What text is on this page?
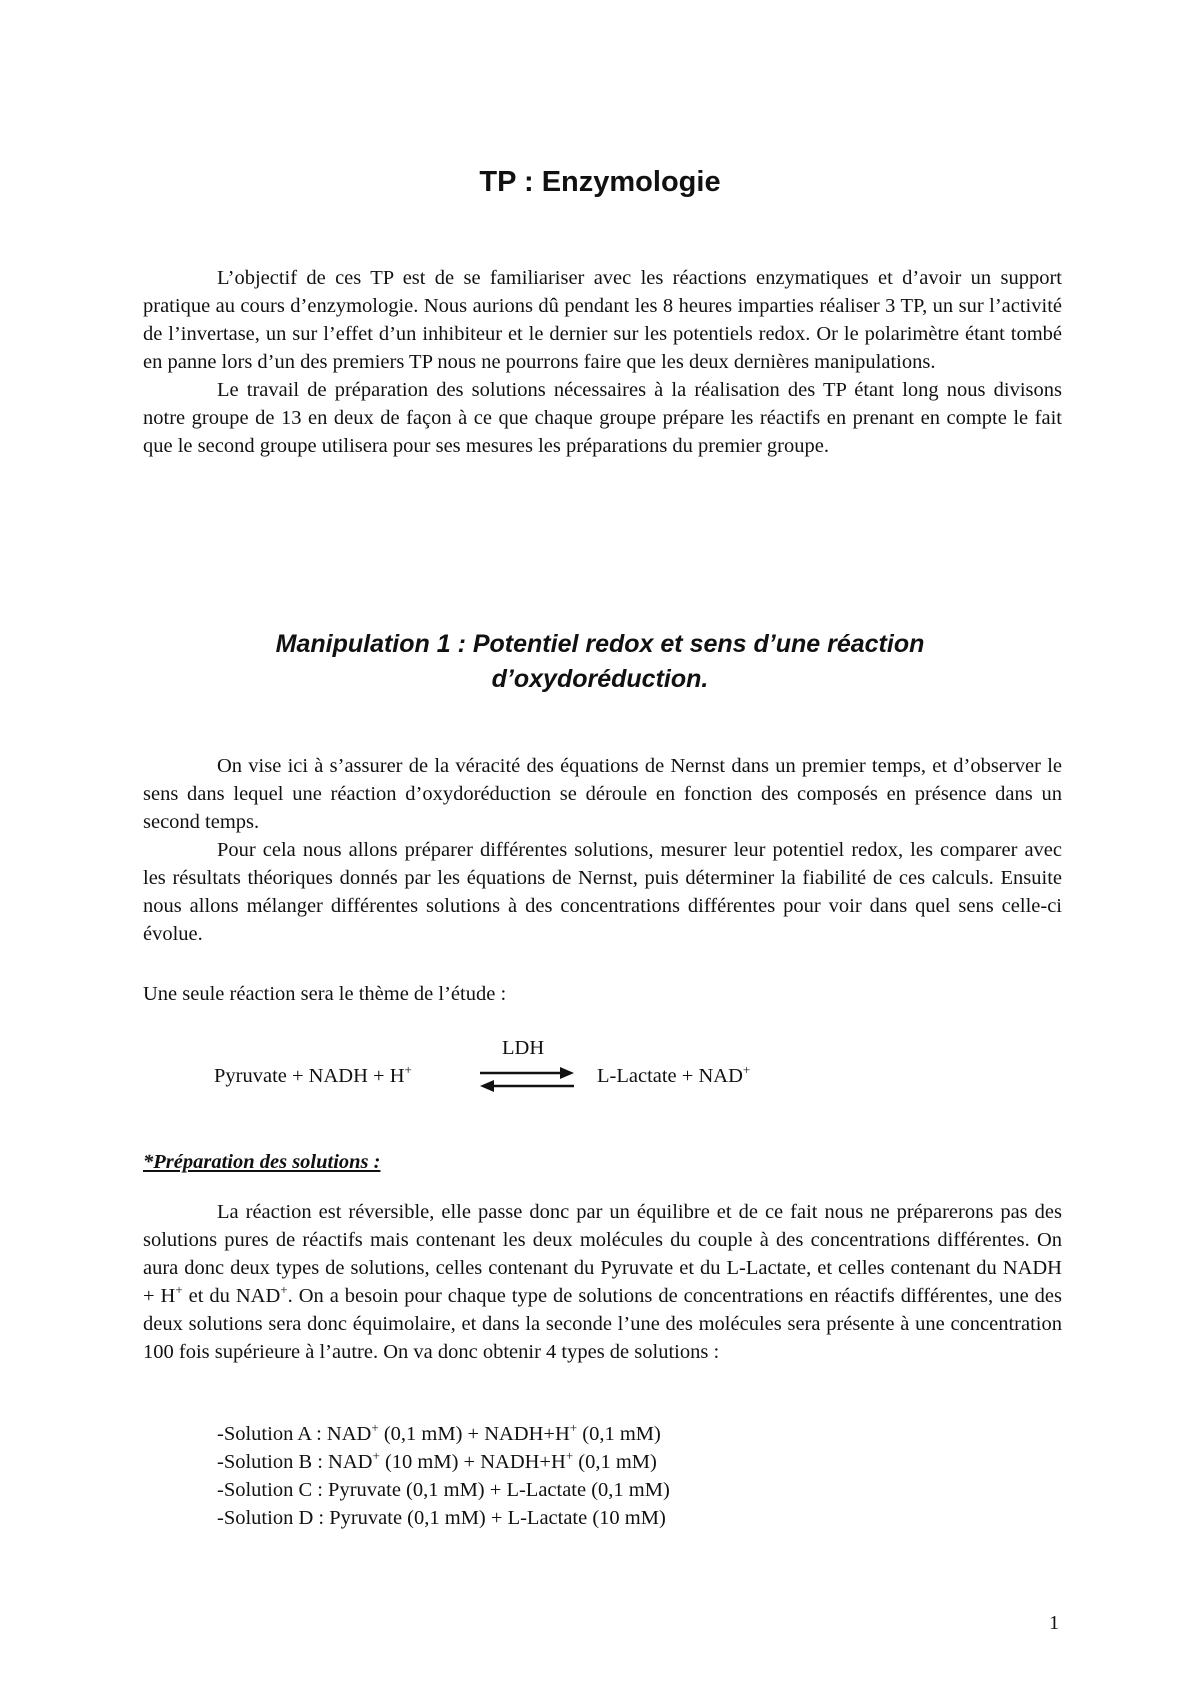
TP : Enzymologie

L’objectif de ces TP est de se familiariser avec les réactions enzymatiques et d’avoir un support pratique au cours d’enzymologie. Nous aurions dû pendant les 8 heures imparties réaliser 3 TP, un sur l’activité de l’invertase, un sur l’effet d’un inhibiteur et le dernier sur les potentiels redox. Or le polarimètre étant tombé en panne lors d’un des premiers TP nous ne pourrons faire que les deux dernières manipulations.

Le travail de préparation des solutions nécessaires à la réalisation des TP étant long nous divisons notre groupe de 13 en deux de façon à ce que chaque groupe prépare les réactifs en prenant en compte le fait que le second groupe utilisera pour ses mesures les préparations du premier groupe.

Manipulation 1 : Potentiel redox et sens d’une réaction
d’oxydoréduction.

On vise ici à s’assurer de la véracité des équations de Nernst dans un premier temps, et d’observer le sens dans lequel une réaction d’oxydoréduction se déroule en fonction des composés en présence dans un second temps.

Pour cela nous allons préparer différentes solutions, mesurer leur potentiel redox, les comparer avec les résultats théoriques donnés par les équations de Nernst, puis déterminer la fiabilité de ces calculs. Ensuite nous allons mélanger différentes solutions à des concentrations différentes pour voir dans quel sens celle-ci évolue.

Une seule réaction sera le thème de l’étude :
LDH
Pyruvate + NADH + H+	L-Lactate + NAD+
*Préparation des solutions :

La réaction est réversible, elle passe donc par un équilibre et de ce fait nous ne préparerons pas des solutions pures de réactifs mais contenant les deux molécules du couple à des concentrations différentes. On aura donc deux types de solutions, celles contenant du Pyruvate et du L-Lactate, et celles contenant du NADH + H+ et du NAD+. On a besoin pour chaque type de solutions de concentrations en réactifs différentes, une des deux solutions sera donc équimolaire, et dans la seconde l’une des molécules sera présente à une concentration 100 fois supérieure à l’autre. On va donc obtenir 4 types de solutions :

-Solution A : NAD+ (0,1 mM) + NADH+H+ (0,1 mM)
-Solution B : NAD+ (10 mM) + NADH+H+ (0,1 mM)
-Solution C : Pyruvate (0,1 mM) + L-Lactate (0,1 mM)
-Solution D : Pyruvate (0,1 mM) + L-Lactate (10 mM)
1
